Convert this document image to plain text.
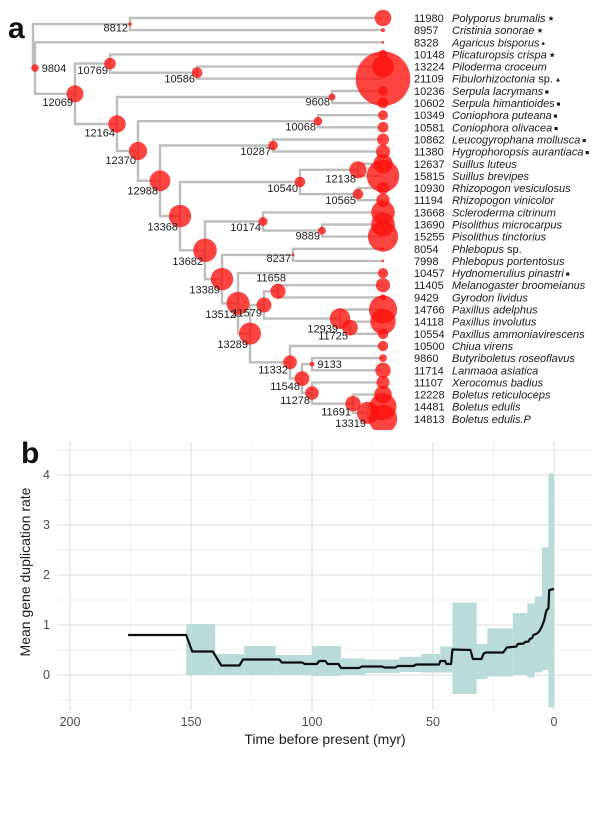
a	8812
9804
12069
10769
10586
12164
9608
12370
10068
12988
10287
13368
10540
12138
10565
13682
10174
9889
13389
8237
13512
13289
11579
11658
12939
11725
11332
11548
9133
11278
11691
13319
11980 Polyporus brumalis ★
8957 Cristinia sonorae ★
8328 Agaricus bisporus ●
10148 Plicaturopsis crispa ★
13224 Piloderma croceum
21109 Fibulorhizoctonia sp. ▲
10236 Serpula lacrymans ■
10602 Serpula himantioides ■
10349 Coniophora puteana ■
10581 Coniophora olivacea ■
10862 Leucogyrophana mollusca ■
11380 Hygrophoropsis aurantiaca ■
12637 Suillus luteus
15815 Suillus brevipes
10930 Rhizopogon vesiculosus
11194 Rhizopogon vinicolor
13668 Scleroderma citrinum
13690 Pisolithus microcarpus
15255 Pisolithus tinctorius
8054 Phlebopus sp.
7998 Phlebopus portentosus
10457 Hydnomerulius pinastri ■
11405 Melanogaster broomeianus
9429 Gyrodon lividus
14766 Paxillus adelphus
14118 Paxillus involutus
10554 Paxillus ammoniavirescens
10500 Chiua virens
9860 Butyriboletus roseoflavus
11714 Lanmaoa asiatica
11107 Xerocomus badius
12228 Boletus reticuloceps
14481 Boletus edulis
14813 Boletus edulis.P
b
200	150	100	50	0
0
1
2
3
4
Time before present (myr)
Mean gene duplication rate
